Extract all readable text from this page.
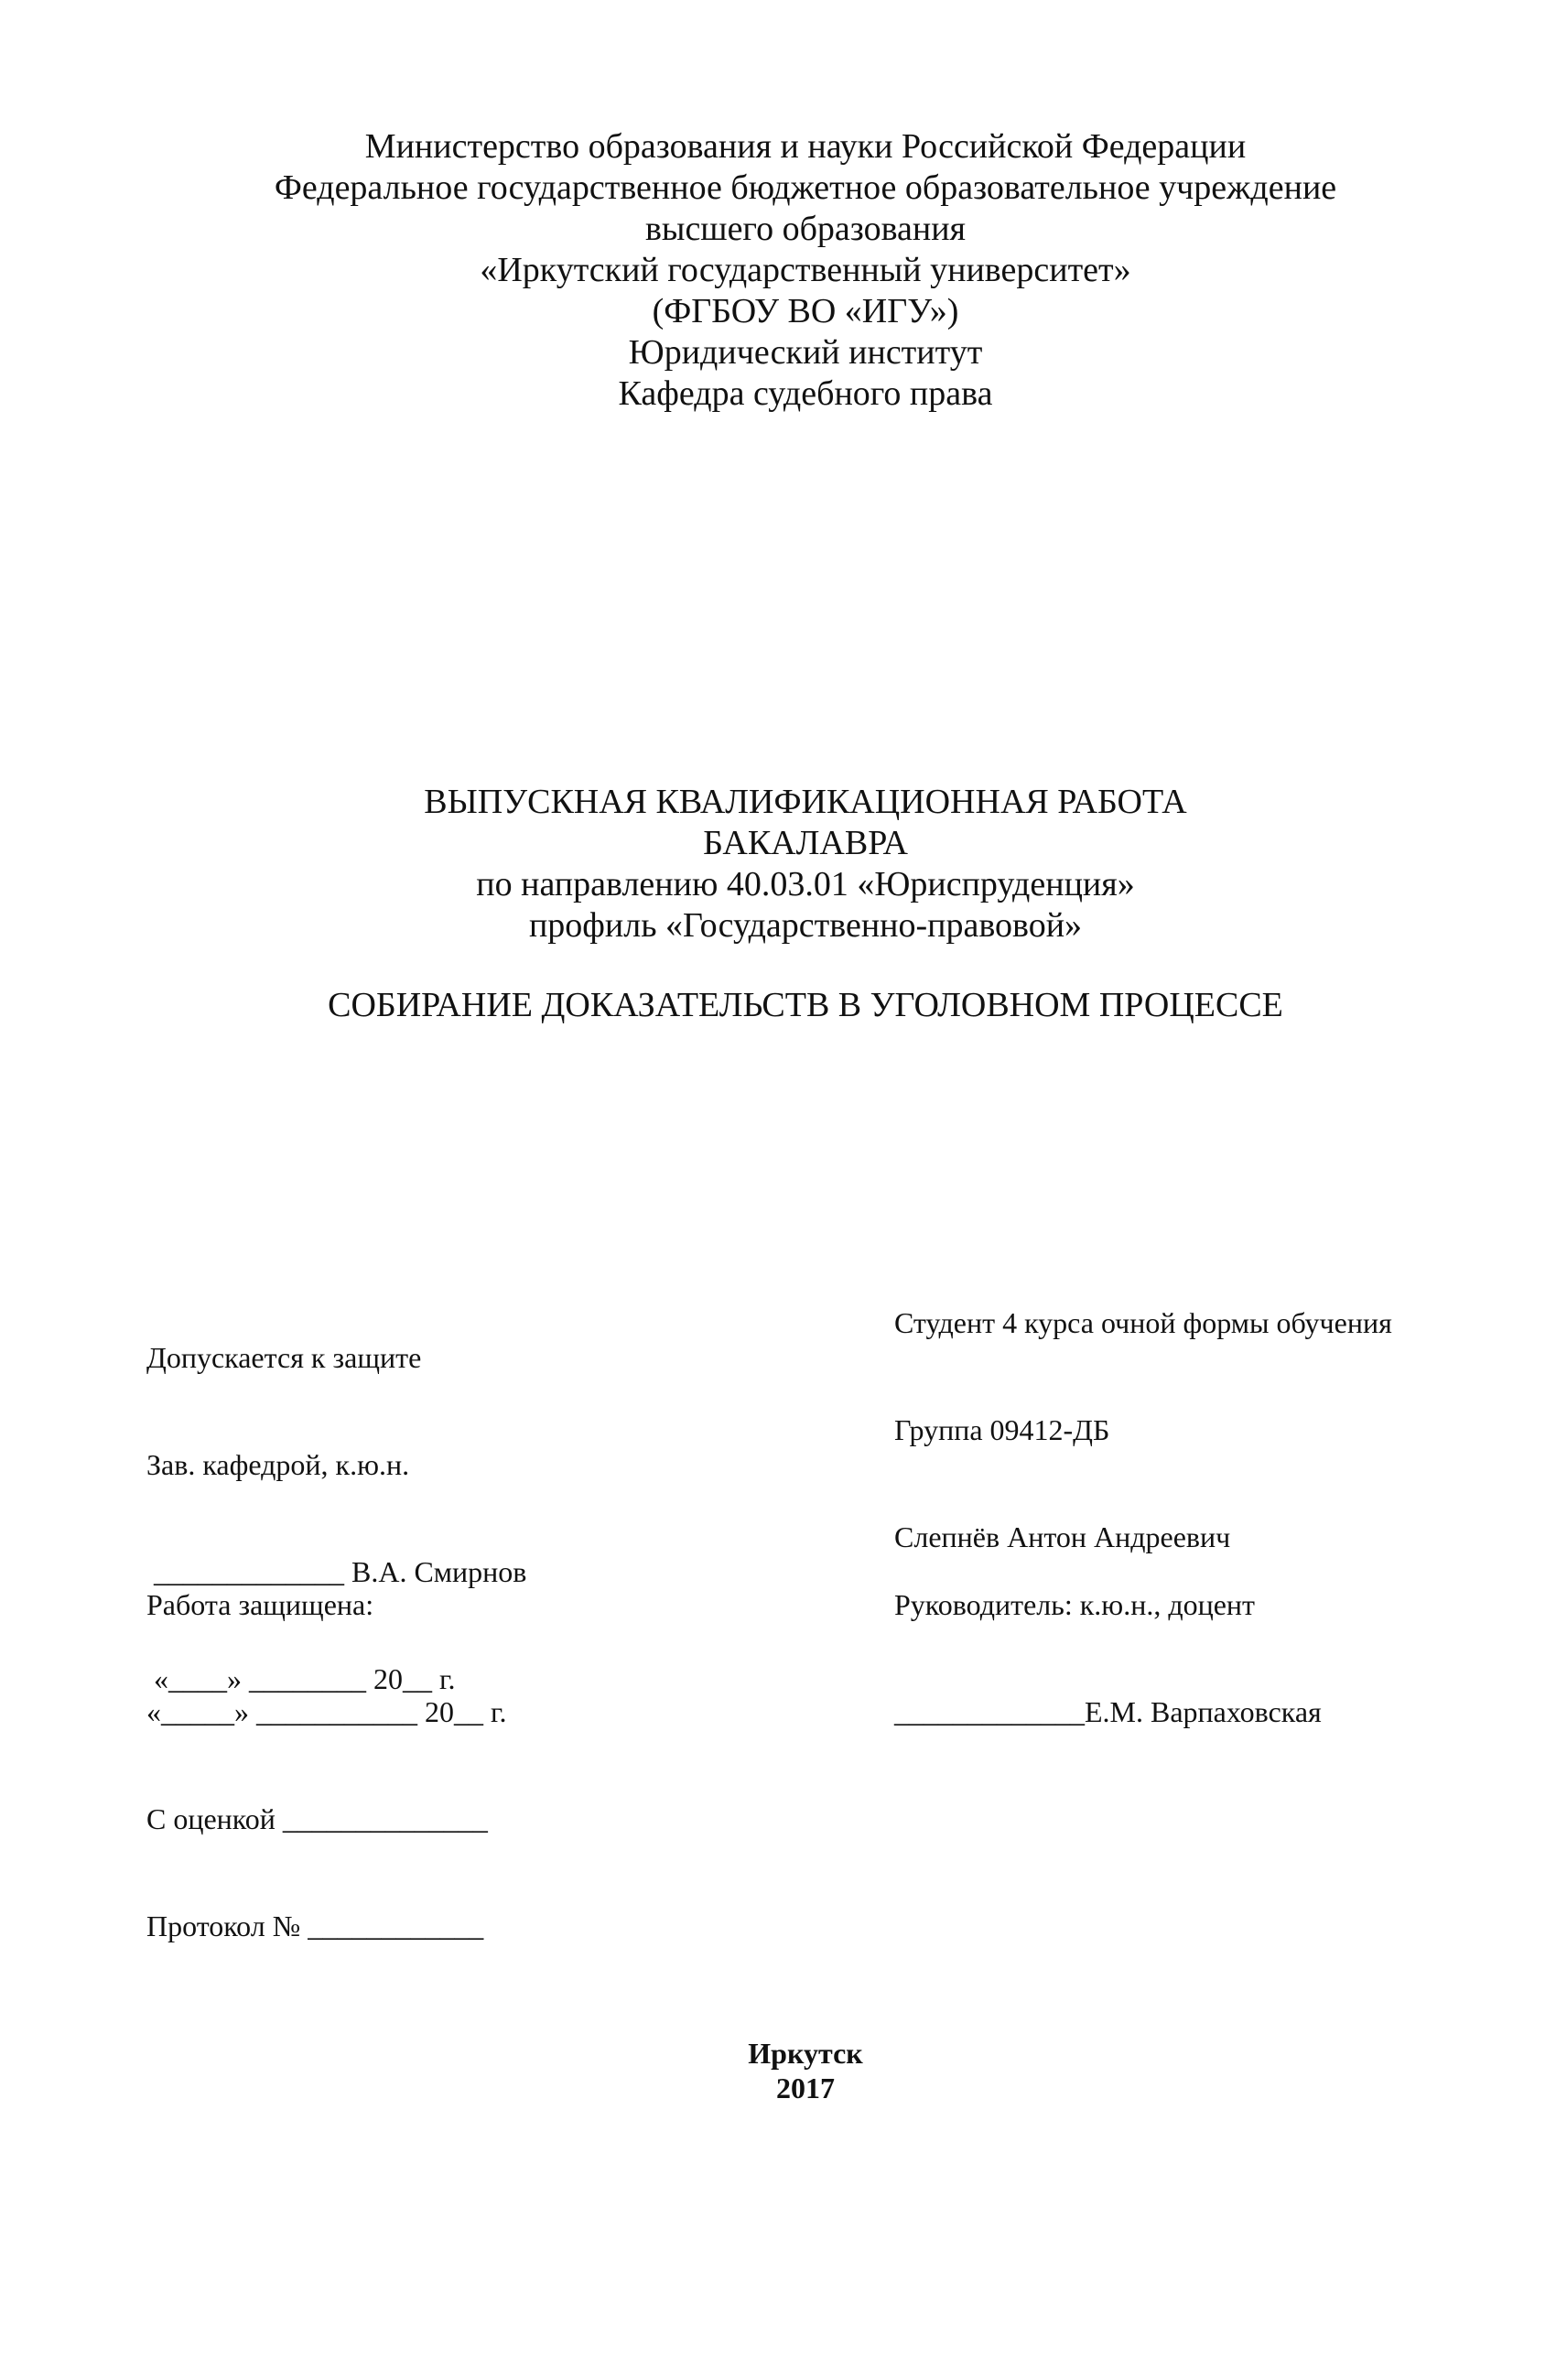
Министерство образования и науки Российской Федерации
Федеральное государственное бюджетное образовательное учреждение
высшего образования
«Иркутский государственный университет»
(ФГБОУ ВО «ИГУ»)
Юридический институт
Кафедра судебного права
ВЫПУСКНАЯ КВАЛИФИКАЦИОННАЯ РАБОТА
БАКАЛАВРА
по направлению 40.03.01 «Юриспруденция»
профиль «Государственно-правовой»
СОБИРАНИЕ ДОКАЗАТЕЛЬСТВ В УГОЛОВНОМ ПРОЦЕССЕ

Студент 4 курса очной формы обучения

Группа 09412-ДБ

Слепнёв Антон Андреевич

Допускается к защите

Зав. кафедрой, к.ю.н.

_____________ В.А. Смирнов

«____» ________ 20__ г.

Работа защищена:

«_____» ___________ 20__ г.

С оценкой ______________

Протокол № ____________

Руководитель: к.ю.н., доцент

_____________Е.М. Варпаховская

Иркутск
2017
